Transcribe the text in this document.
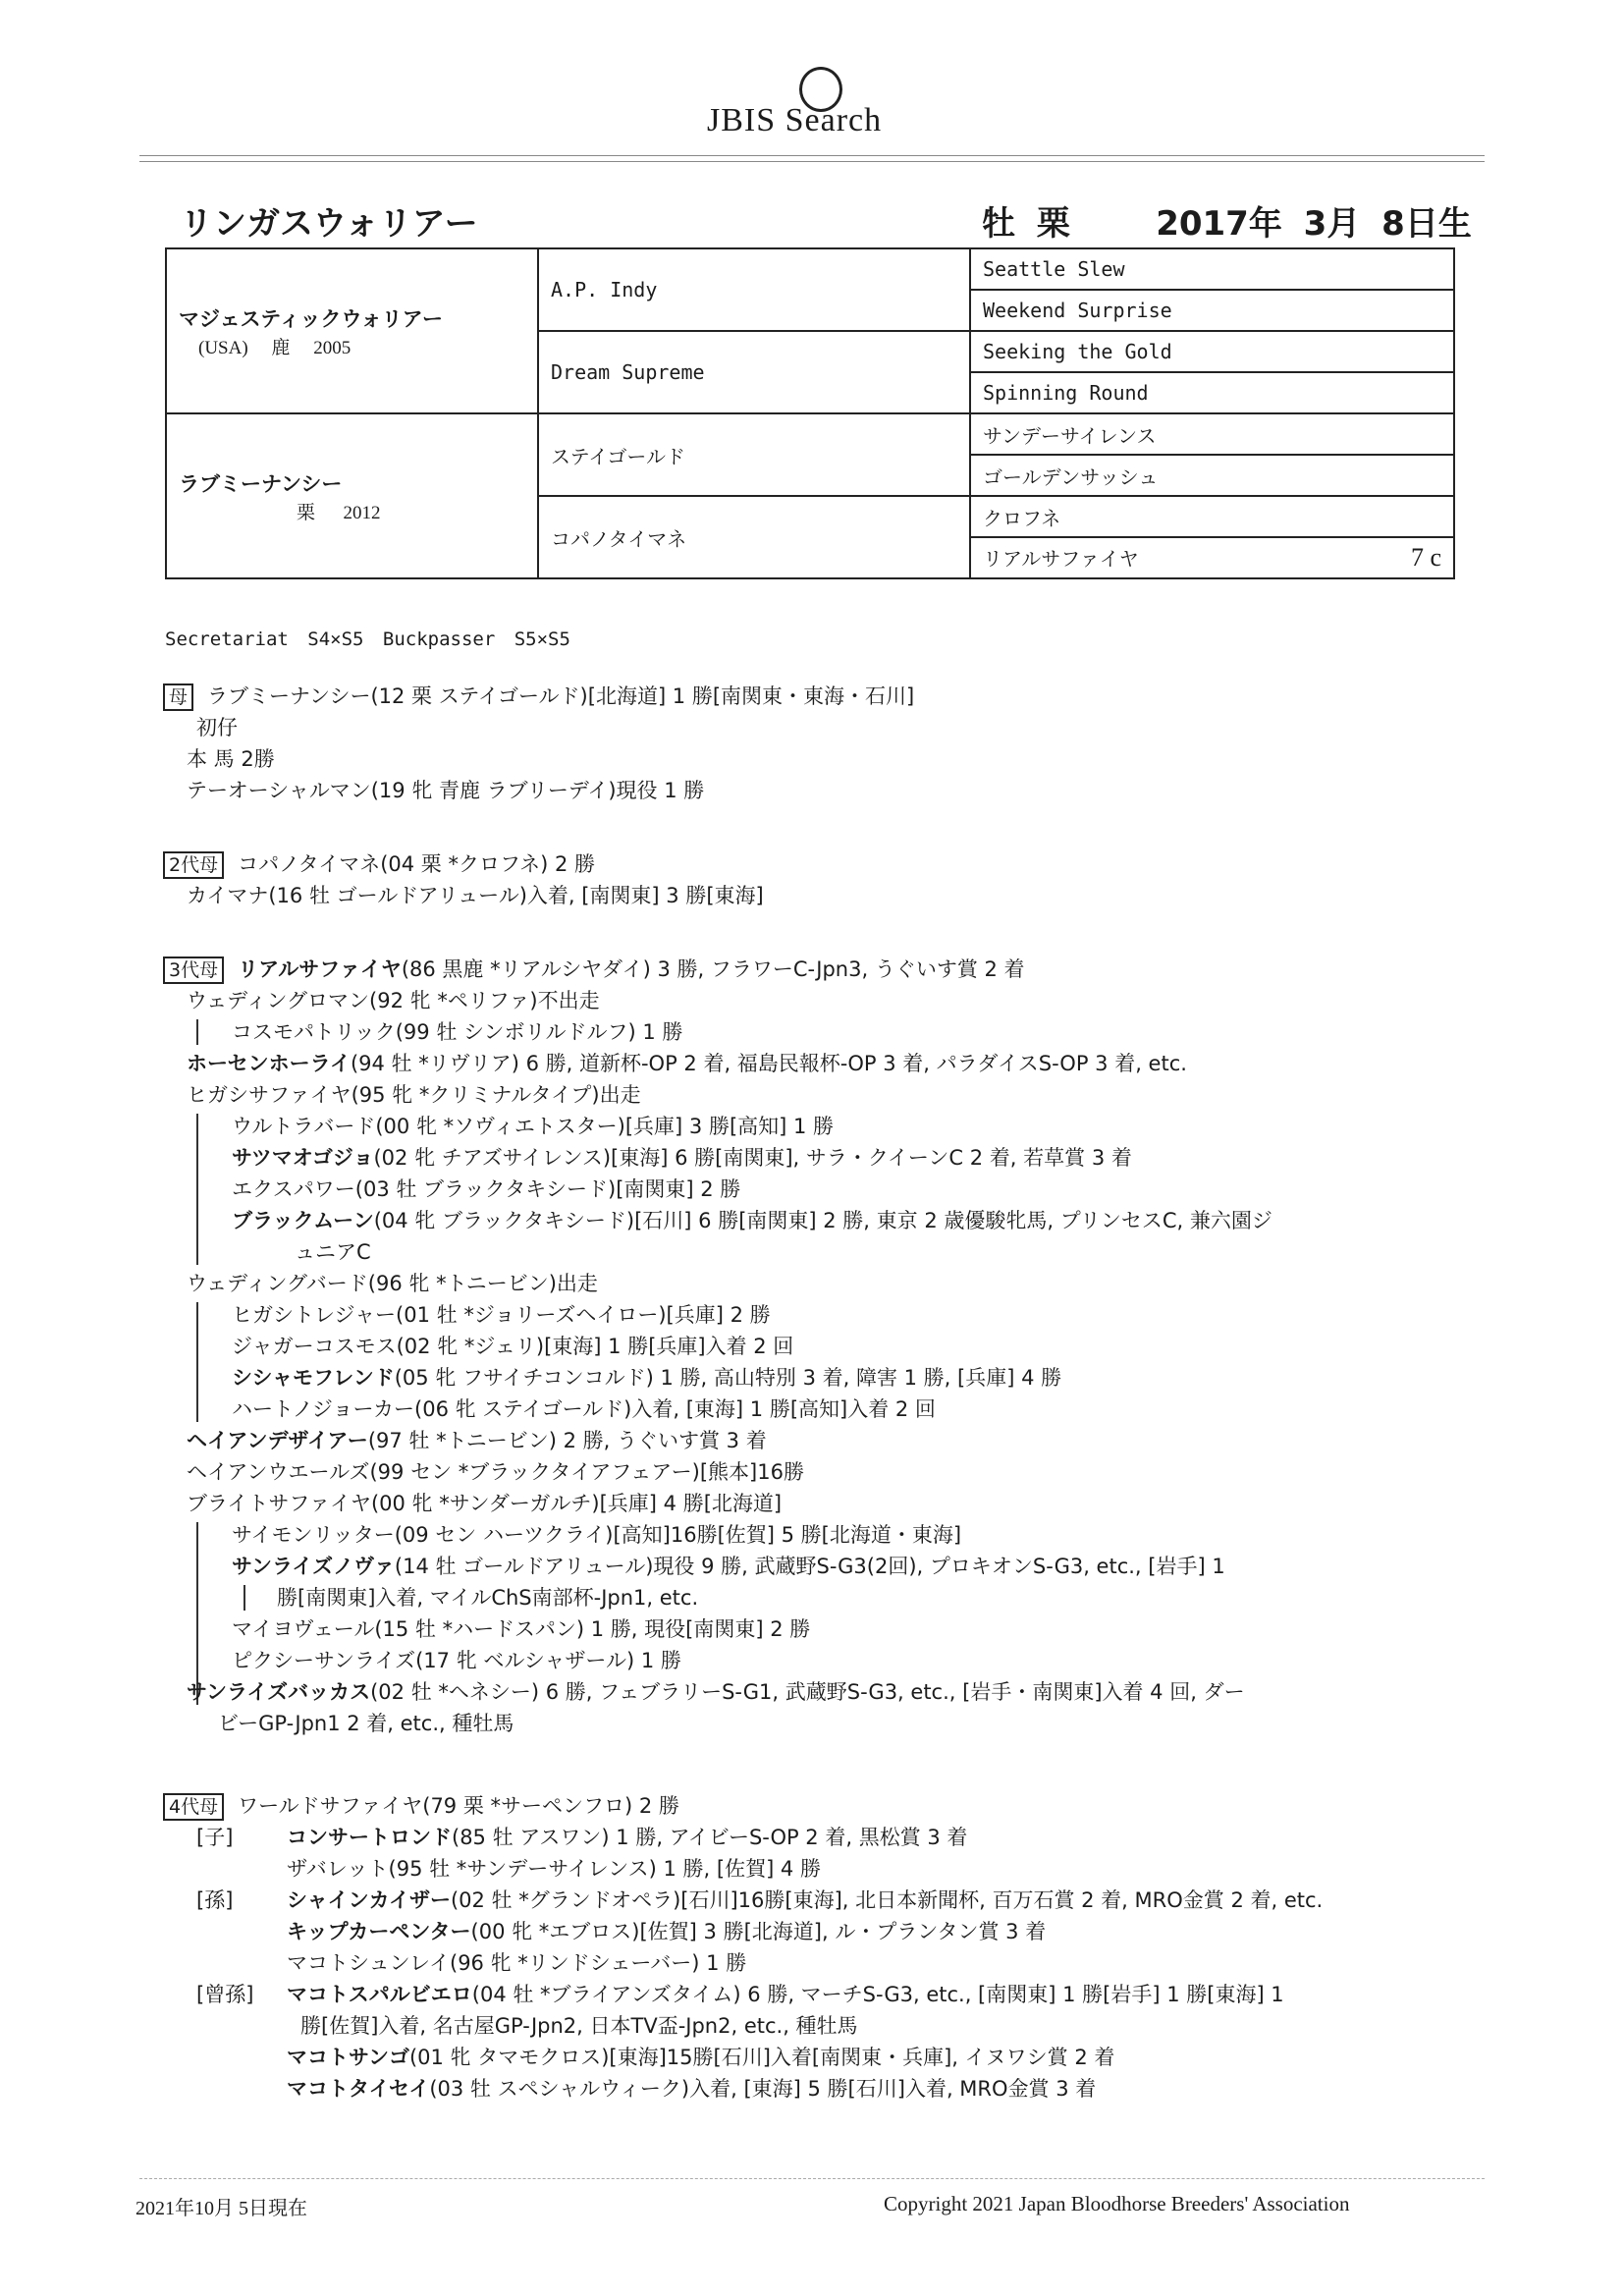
JBIS Search
リンガスウォリアー	牡 栗	2017年 3月 8日生
マジェスティックウォリアー
(USA) 鹿 2005	A.P. Indy	Seattle Slew
		Weekend Surprise
	Dream Supreme	Seeking the Gold
		Spinning Round

ラブミーナンシー
栗 2012	ステイゴールド	サンデーサイレンス
		ゴールデンサッシュ
	コパノタイマネ	クロフネ
		リアルサファイヤ 7 c
Secretariat S4×S5 Buckpasser S5×S5
母 ラブミーナンシー(12 栗 ステイゴールド)[北海道] 1 勝[南関東・東海・石川]
初仔
本 馬 2勝
テーオーシャルマン(19 牝 青鹿 ラブリーデイ)現役 1 勝
2代母 コパノタイマネ(04 栗 *クロフネ) 2 勝
カイマナ(16 牡 ゴールドアリュール)入着, [南関東] 3 勝[東海]
3代母 リアルサファイヤ(86 黒鹿 *リアルシヤダイ) 3 勝, フラワーC-Jpn3, うぐいす賞 2 着
ウェディングロマン(92 牝 *ペリファ)不出走
コスモパトリック(99 牡 シンボリルドルフ) 1 勝
ホーセンホーライ(94 牡 *リヴリア) 6 勝, 道新杯-OP 2 着, 福島民報杯-OP 3 着, パラダイスS-OP 3 着, etc.
ヒガシサファイヤ(95 牝 *クリミナルタイプ)出走
ウルトラバード(00 牝 *ソヴィエトスター)[兵庫] 3 勝[高知] 1 勝
サツマオゴジョ(02 牝 チアズサイレンス)[東海] 6 勝[南関東], サラ・クイーンC 2 着, 若草賞 3 着
エクスパワー(03 牡 ブラックタキシード)[南関東] 2 勝
ブラックムーン(04 牝 ブラックタキシード)[石川] 6 勝[南関東] 2 勝, 東京 2 歳優駿牝馬, プリンセスC, 兼六園ジ
ュニアC
ウェディングバード(96 牝 *トニービン)出走
ヒガシトレジャー(01 牡 *ジョリーズヘイロー)[兵庫] 2 勝
ジャガーコスモス(02 牝 *ジェリ)[東海] 1 勝[兵庫]入着 2 回
シシャモフレンド(05 牝 フサイチコンコルド) 1 勝, 高山特別 3 着, 障害 1 勝, [兵庫] 4 勝
ハートノジョーカー(06 牝 ステイゴールド)入着, [東海] 1 勝[高知]入着 2 回
ヘイアンデザイアー(97 牡 *トニービン) 2 勝, うぐいす賞 3 着
ヘイアンウエールズ(99 セン *ブラックタイアフェアー)[熊本]16勝
ブライトサファイヤ(00 牝 *サンダーガルチ)[兵庫] 4 勝[北海道]
サイモンリッター(09 セン ハーツクライ)[高知]16勝[佐賀] 5 勝[北海道・東海]
サンライズノヴァ(14 牡 ゴールドアリュール)現役 9 勝, 武蔵野S-G3(2回), プロキオンS-G3, etc., [岩手] 1
勝[南関東]入着, マイルChS南部杯-Jpn1, etc.
マイヨヴェール(15 牡 *ハードスパン) 1 勝, 現役[南関東] 2 勝
ピクシーサンライズ(17 牝 ベルシャザール) 1 勝
サンライズバッカス(02 牡 *ヘネシー) 6 勝, フェブラリーS-G1, 武蔵野S-G3, etc., [岩手・南関東]入着 4 回, ダー
ビーGP-Jpn1 2 着, etc., 種牡馬
4代母 ワールドサファイヤ(79 栗 *サーペンフロ) 2 勝
[子]	コンサートロンド(85 牡 アスワン) 1 勝, アイビーS-OP 2 着, 黒松賞 3 着
ザバレット(95 牡 *サンデーサイレンス) 1 勝, [佐賀] 4 勝
[孫]	シャインカイザー(02 牡 *グランドオペラ)[石川]16勝[東海], 北日本新聞杯, 百万石賞 2 着, MRO金賞 2 着, etc.
キップカーペンター(00 牝 *エブロス)[佐賀] 3 勝[北海道], ル・プランタン賞 3 着
マコトシュンレイ(96 牝 *リンドシェーバー) 1 勝
[曾孫] マコトスパルビエロ(04 牡 *ブライアンズタイム) 6 勝, マーチS-G3, etc., [南関東] 1 勝[岩手] 1 勝[東海] 1
勝[佐賀]入着, 名古屋GP-Jpn2, 日本TV盃-Jpn2, etc., 種牡馬
マコトサンゴ(01 牝 タマモクロス)[東海]15勝[石川]入着[南関東・兵庫], イヌワシ賞 2 着
マコトタイセイ(03 牡 スペシャルウィーク)入着, [東海] 5 勝[石川]入着, MRO金賞 3 着
2021年10月 5日現在	Copyright 2021 Japan Bloodhorse Breeders' Association
